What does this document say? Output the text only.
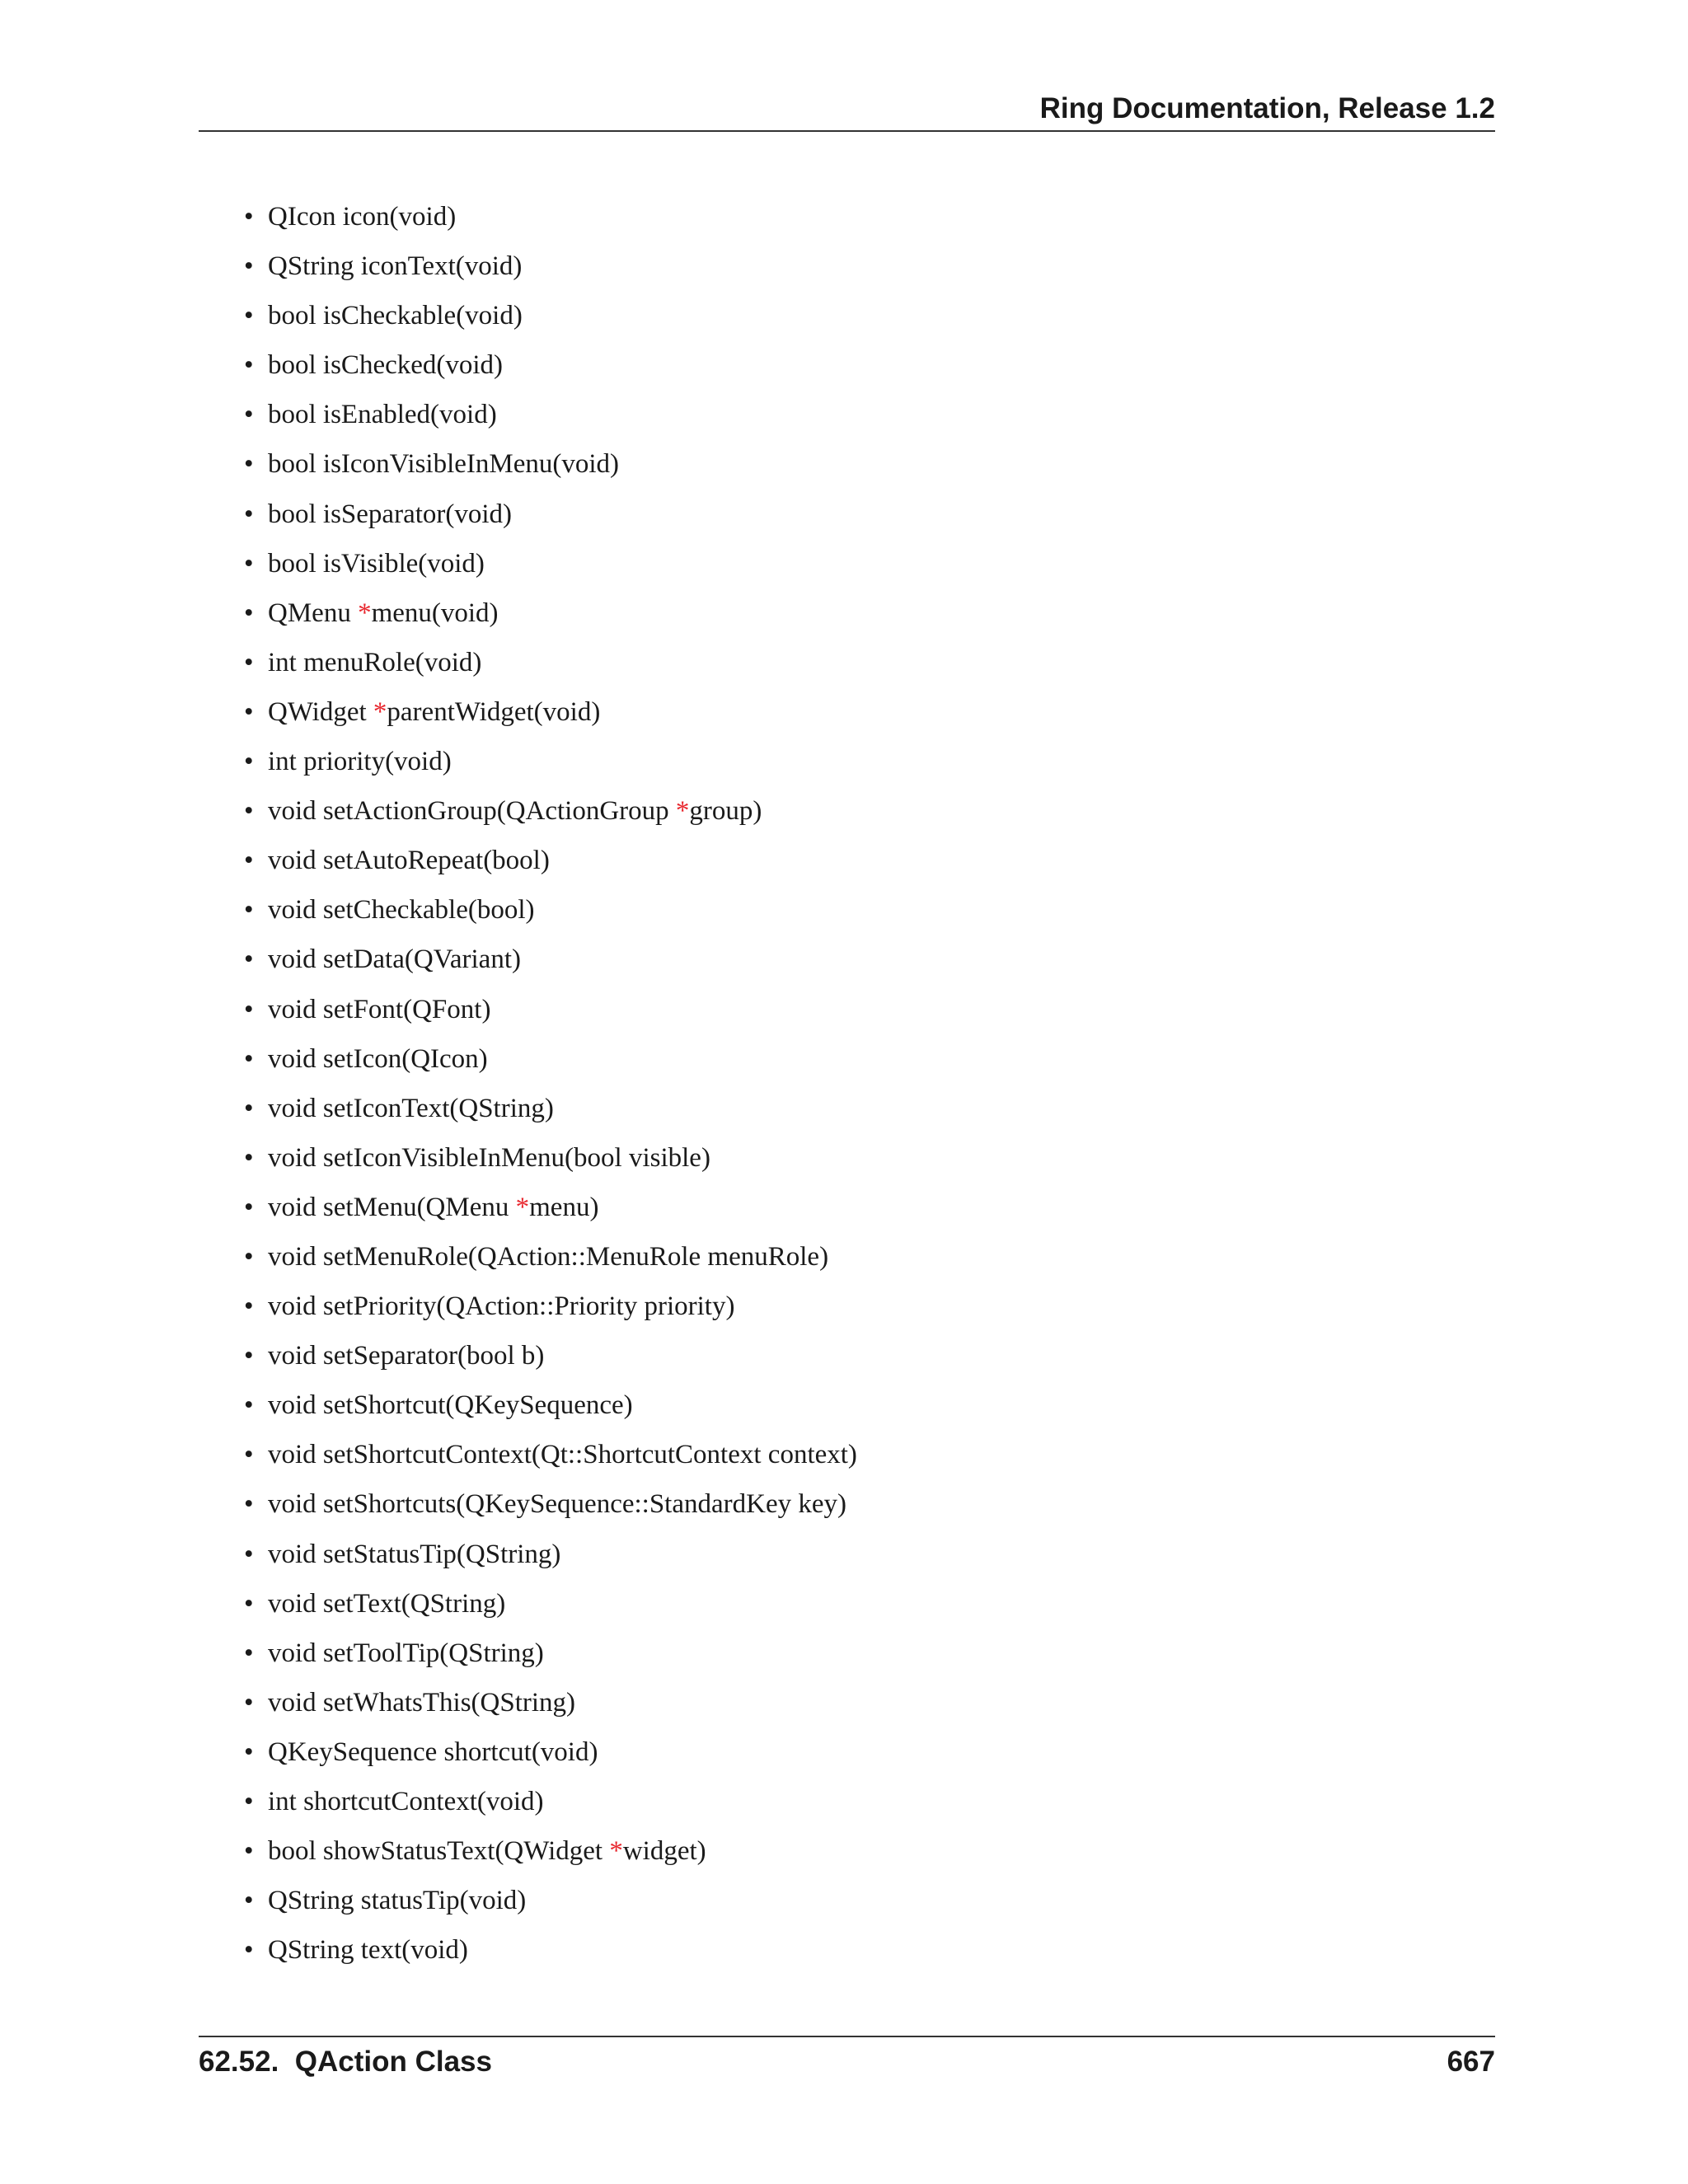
Ring Documentation, Release 1.2
• QIcon icon(void)
• QString iconText(void)
• bool isCheckable(void)
• bool isChecked(void)
• bool isEnabled(void)
• bool isIconVisibleInMenu(void)
• bool isSeparator(void)
• bool isVisible(void)
• QMenu *menu(void)
• int menuRole(void)
• QWidget *parentWidget(void)
• int priority(void)
• void setActionGroup(QActionGroup *group)
• void setAutoRepeat(bool)
• void setCheckable(bool)
• void setData(QVariant)
• void setFont(QFont)
• void setIcon(QIcon)
• void setIconText(QString)
• void setIconVisibleInMenu(bool visible)
• void setMenu(QMenu *menu)
• void setMenuRole(QAction::MenuRole menuRole)
• void setPriority(QAction::Priority priority)
• void setSeparator(bool b)
• void setShortcut(QKeySequence)
• void setShortcutContext(Qt::ShortcutContext context)
• void setShortcuts(QKeySequence::StandardKey key)
• void setStatusTip(QString)
• void setText(QString)
• void setToolTip(QString)
• void setWhatsThis(QString)
• QKeySequence shortcut(void)
• int shortcutContext(void)
• bool showStatusText(QWidget *widget)
• QString statusTip(void)
• QString text(void)
62.52.  QAction Class	667
